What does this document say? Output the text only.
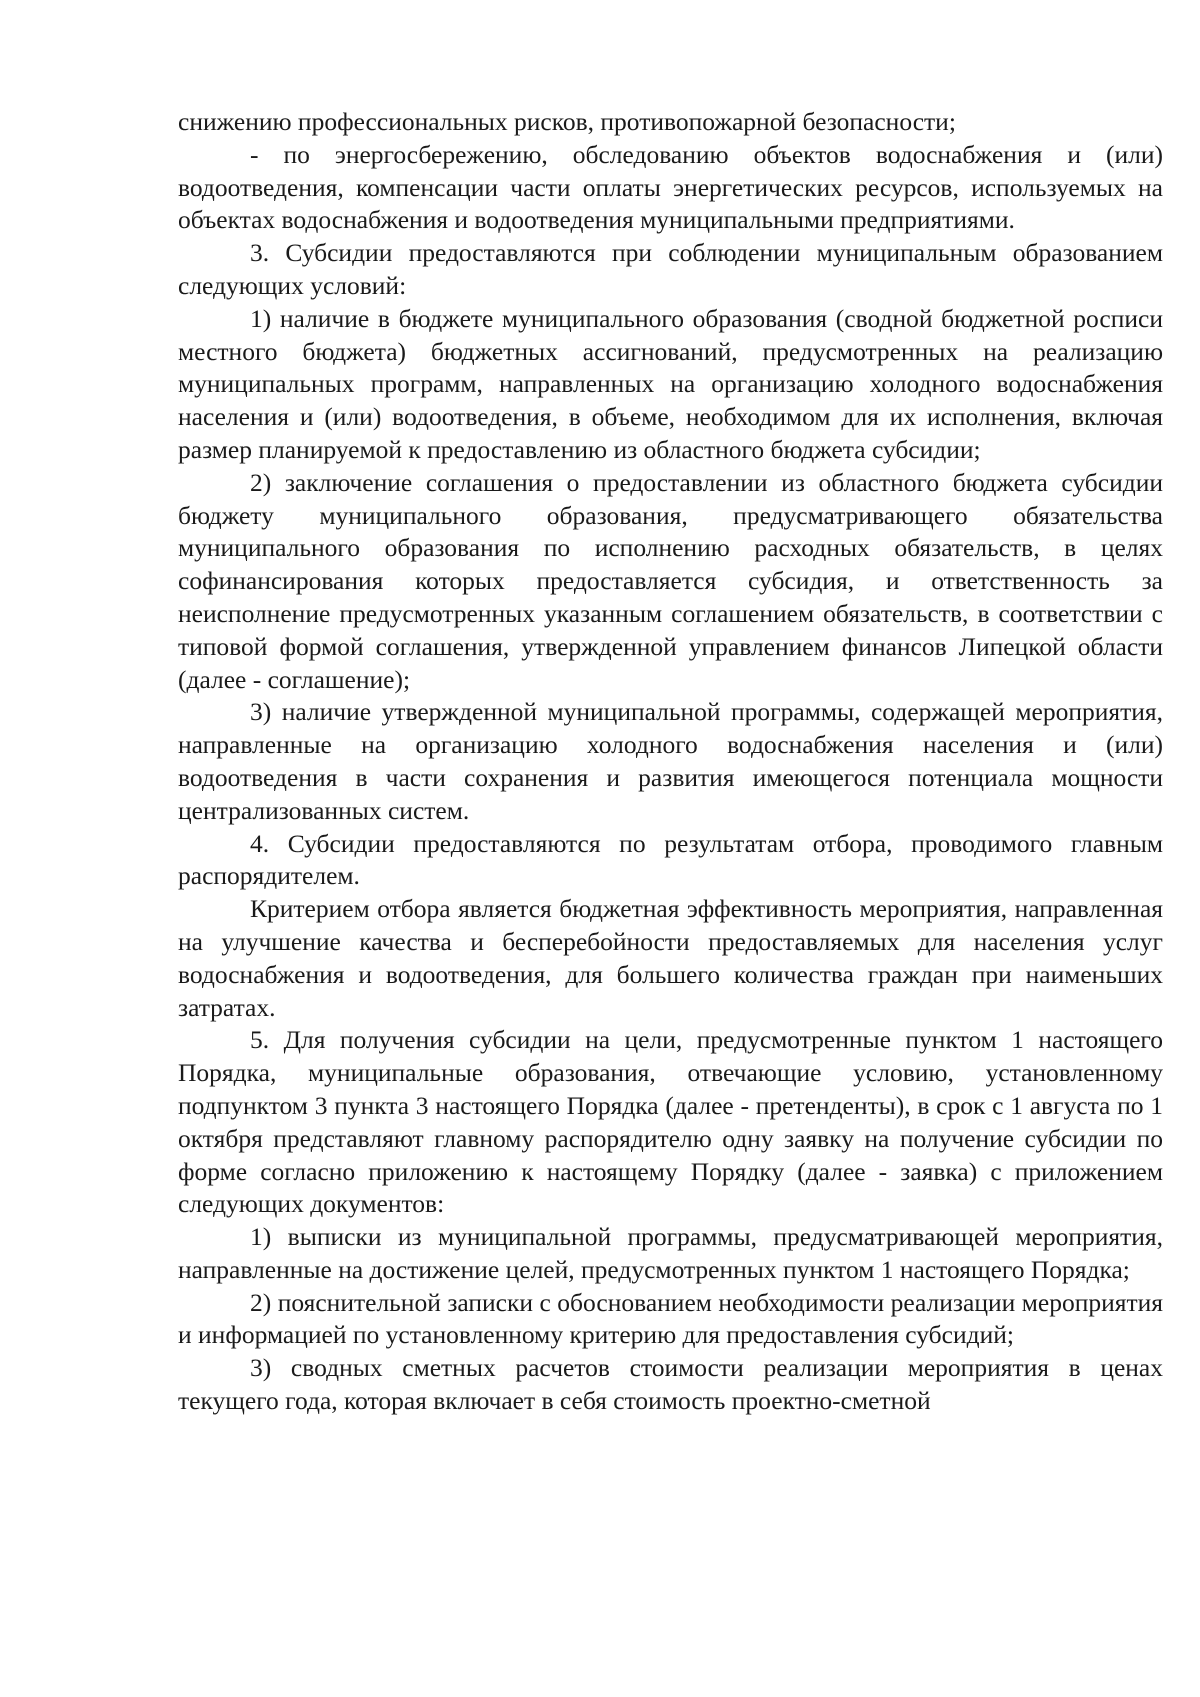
снижению профессиональных рисков, противопожарной безопасности;

- по энергосбережению, обследованию объектов водоснабжения и (или) водоотведения, компенсации части оплаты энергетических ресурсов, используемых на объектах водоснабжения и водоотведения муниципальными предприятиями.

3. Субсидии предоставляются при соблюдении муниципальным образованием следующих условий:

1) наличие в бюджете муниципального образования (сводной бюджетной росписи местного бюджета) бюджетных ассигнований, предусмотренных на реализацию муниципальных программ, направленных на организацию холодного водоснабжения населения и (или) водоотведения, в объеме, необходимом для их исполнения, включая размер планируемой к предоставлению из областного бюджета субсидии;

2) заключение соглашения о предоставлении из областного бюджета субсидии бюджету муниципального образования, предусматривающего обязательства муниципального образования по исполнению расходных обязательств, в целях софинансирования которых предоставляется субсидия, и ответственность за неисполнение предусмотренных указанным соглашением обязательств, в соответствии с типовой формой соглашения, утвержденной управлением финансов Липецкой области (далее - соглашение);

3) наличие утвержденной муниципальной программы, содержащей мероприятия, направленные на организацию холодного водоснабжения населения и (или) водоотведения в части сохранения и развития имеющегося потенциала мощности централизованных систем.

4. Субсидии предоставляются по результатам отбора, проводимого главным распорядителем.

Критерием отбора является бюджетная эффективность мероприятия, направленная на улучшение качества и бесперебойности предоставляемых для населения услуг водоснабжения и водоотведения, для большего количества граждан при наименьших затратах.

5. Для получения субсидии на цели, предусмотренные пунктом 1 настоящего Порядка, муниципальные образования, отвечающие условию, установленному подпунктом 3 пункта 3 настоящего Порядка (далее - претенденты), в срок с 1 августа по 1 октября представляют главному распорядителю одну заявку на получение субсидии по форме согласно приложению к настоящему Порядку (далее - заявка) с приложением следующих документов:

1) выписки из муниципальной программы, предусматривающей мероприятия, направленные на достижение целей, предусмотренных пунктом 1 настоящего Порядка;

2) пояснительной записки с обоснованием необходимости реализации мероприятия и информацией по установленному критерию для предоставления субсидий;

3) сводных сметных расчетов стоимости реализации мероприятия в ценах текущего года, которая включает в себя стоимость проектно-сметной
